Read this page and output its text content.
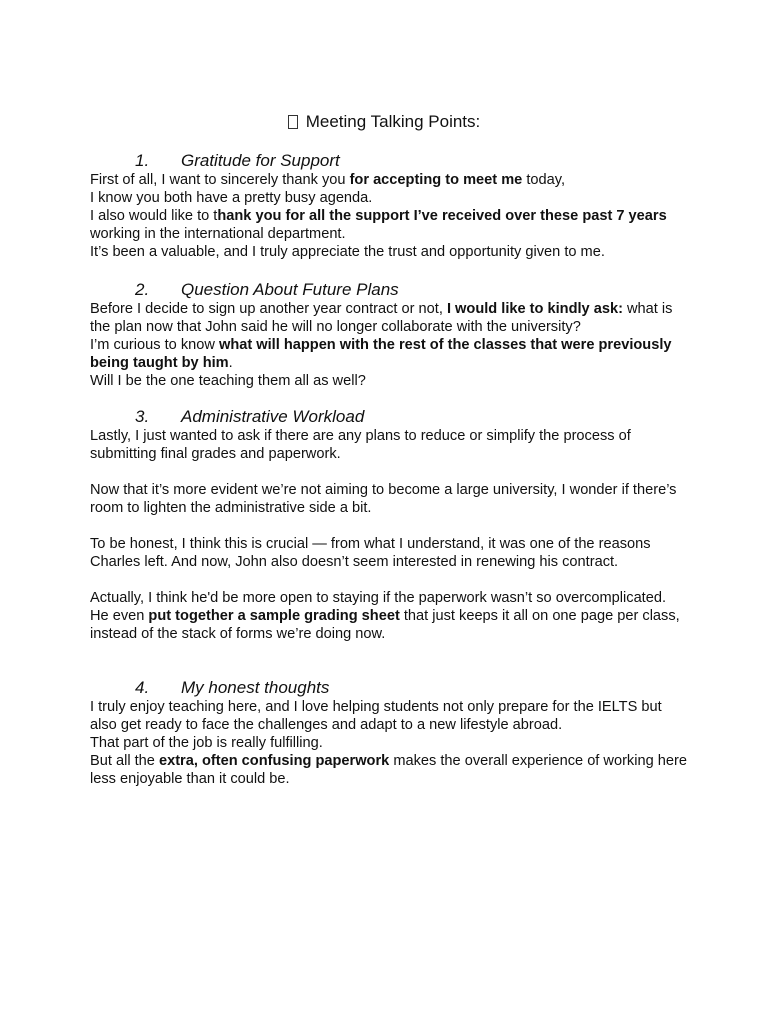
Meeting Talking Points:
1. Gratitude for Support

First of all, I want to sincerely thank you for accepting to meet me today,

I know you both have a pretty busy agenda.

I also would like to thank you for all the support I’ve received over these past 7 years working in the international department.

It’s been a valuable, and I truly appreciate the trust and opportunity given to me.

2. Question About Future Plans

Before I decide to sign up another year contract or not, I would like to kindly ask: what is the plan now that John said he will no longer collaborate with the university?

I’m curious to know what will happen with the rest of the classes that were previously being taught by him.

Will I be the one teaching them all as well?

3. Administrative Workload

Lastly, I just wanted to ask if there are any plans to reduce or simplify the process of submitting final grades and paperwork.

Now that it’s more evident we’re not aiming to become a large university, I wonder if there’s room to lighten the administrative side a bit.

To be honest, I think this is crucial — from what I understand, it was one of the reasons Charles left. And now, John also doesn’t seem interested in renewing his contract.

Actually, I think he'd be more open to staying if the paperwork wasn’t so overcomplicated.

He even put together a sample grading sheet that just keeps it all on one page per class, instead of the stack of forms we’re doing now.

4. My honest thoughts

I truly enjoy teaching here, and I love helping students not only prepare for the IELTS but also get ready to face the challenges and adapt to a new lifestyle abroad.

That part of the job is really fulfilling.

But all the extra, often confusing paperwork makes the overall experience of working here less enjoyable than it could be.
